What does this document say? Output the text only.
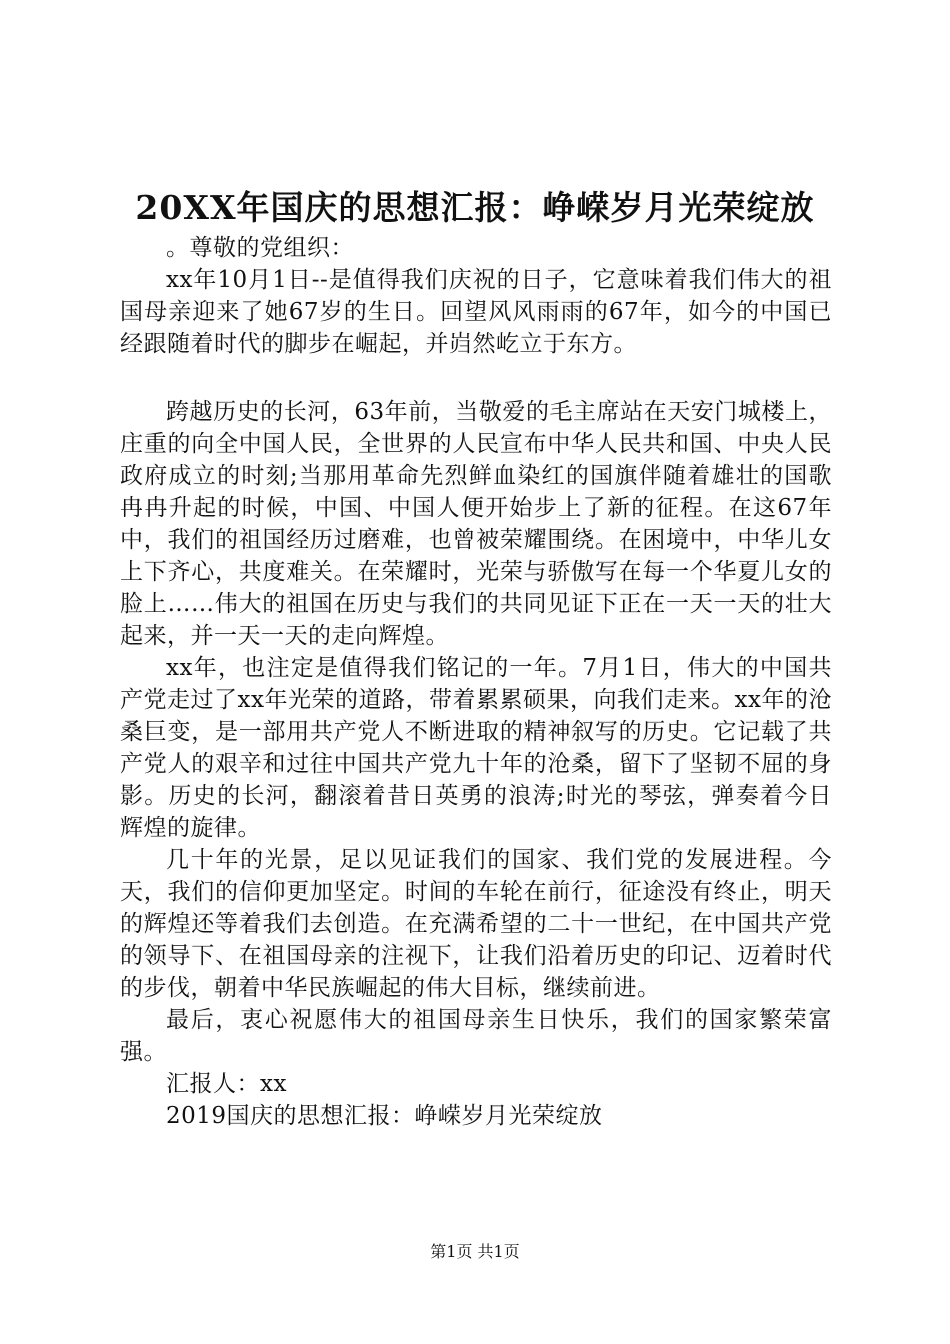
20XX年国庆的思想汇报：峥嵘岁月光荣绽放

。尊敬的党组织：

xx年10月1日--是值得我们庆祝的日子，它意味着我们伟大的祖国母亲迎来了她67岁的生日。回望风风雨雨的67年，如今的中国已经跟随着时代的脚步在崛起，并岿然屹立于东方。

跨越历史的长河，63年前，当敬爱的毛主席站在天安门城楼上，庄重的向全中国人民，全世界的人民宣布中华人民共和国、中央人民政府成立的时刻;当那用革命先烈鲜血染红的国旗伴随着雄壮的国歌冉冉升起的时候，中国、中国人便开始步上了新的征程。在这67年中，我们的祖国经历过磨难，也曾被荣耀围绕。在困境中，中华儿女上下齐心，共度难关。在荣耀时，光荣与骄傲写在每一个华夏儿女的脸上……伟大的祖国在历史与我们的共同见证下正在一天一天的壮大起来，并一天一天的走向辉煌。

xx年，也注定是值得我们铭记的一年。7月1日，伟大的中国共产党走过了xx年光荣的道路，带着累累硕果，向我们走来。xx年的沧桑巨变，是一部用共产党人不断进取的精神叙写的历史。它记载了共产党人的艰辛和过往中国共产党九十年的沧桑，留下了坚韧不屈的身影。历史的长河，翻滚着昔日英勇的浪涛;时光的琴弦，弹奏着今日辉煌的旋律。

几十年的光景，足以见证我们的国家、我们党的发展进程。今天，我们的信仰更加坚定。时间的车轮在前行，征途没有终止，明天的辉煌还等着我们去创造。在充满希望的二十一世纪，在中国共产党的领导下、在祖国母亲的注视下，让我们沿着历史的印记、迈着时代的步伐，朝着中华民族崛起的伟大目标，继续前进。

最后，衷心祝愿伟大的祖国母亲生日快乐，我们的国家繁荣富强。

汇报人：xx

2019国庆的思想汇报：峥嵘岁月光荣绽放

第1页 共1页
